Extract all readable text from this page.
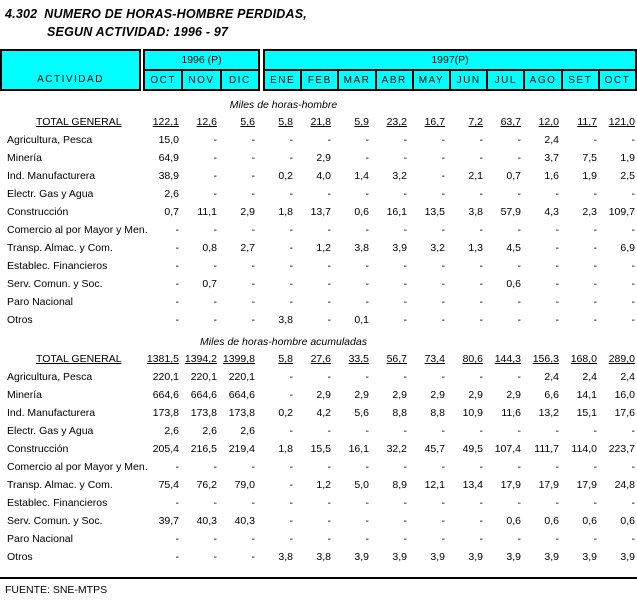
4.302 NUMERO DE HORAS-HOMBRE PERDIDAS,
SEGUN ACTIVIDAD: 1996 - 97
ACTIVIDAD
1996 (P)
OCT	NOV	DIC
1997(P)
ENE	FEB	MAR	ABR	MAY	JUN	JUL	AGO	SET	OCT
Miles de horas-hombre
TOTAL GENERAL	122,1 12,6 5,6 5,8 21,8 5,9 23,2 16,7 7,2 63,7 12,0 11,7 121,0
Agricultura, Pesca	15,0	-	-	-	-	-	-	-	-	- 2,4	-	-
Minería	64,9	-	-	- 2,9	-	-	-	-	- 3,7 7,5 1,9
Ind. Manufacturera	38,9	-	- 0,2 4,0 1,4 3,2	- 2,1 0,7 1,6 1,9 2,5
Electr. Gas y Agua	2,6	-	-	-	-	-	-	-	-	-	-	-	-
Construcción	0,7 11,1 2,9 1,8 13,7 0,6 16,1 13,5 3,8 57,9 4,3 2,3 109,7
Comercio al por Mayor y Men.	-	-	-	-	-	-	-	-	-	-	-	-	-
Transp. Almac. y Com.	- 0,8 2,7	- 1,2 3,8 3,9 3,2 1,3 4,5	-	- 6,9
Establec. Financieros	-	-	-	-	-	-	-	-	-	-	-	-	-
Serv. Comun. y Soc.	- 0,7	-	-	-	-	-	-	- 0,6	-	-	-
Paro Nacional	-	-	-	-	-	-	-	-	-	-	-	-	-
Otros	-	-	- 3,8	- 0,1	-	-	-	-	-	-	-
Miles de horas-hombre acumuladas
TOTAL GENERAL	1381,5 1394,2 1399,8 5,8 27,6 33,5 56,7 73,4 80,6 144,3 156,3 168,0 289,0
Agricultura, Pesca	220,1 220,1 220,1	-	-	-	-	-	-	- 2,4 2,4 2,4
Minería	664,6 664,6 664,6	- 2,9 2,9 2,9 2,9 2,9 2,9 6,6 14,1 16,0
Ind. Manufacturera	173,8 173,8 173,8 0,2 4,2 5,6 8,8 8,8 10,9 11,6 13,2 15,1 17,6
Electr. Gas y Agua	2,6 2,6 2,6	-	-	-	-	-	-	-	-	-	-
Construcción	205,4 216,5 219,4 1,8 15,5 16,1 32,2 45,7 49,5 107,4 111,7 114,0 223,7
Comercio al por Mayor y Men.	-	-	-	-	-	-	-	-	-	-	-	-	-
Transp. Almac. y Com.	75,4 76,2 79,0	- 1,2 5,0 8,9 12,1 13,4 17,9 17,9 17,9 24,8
Establec. Financieros	-	-	-	-	-	-	-	-	-	-	-	-	-
Serv. Comun. y Soc.	39,7 40,3 40,3	-	-	-	-	-	- 0,6 0,6 0,6 0,6
Paro Nacional	-	-	-	-	-	-	-	-	-	-	-	-	-
Otros	-	-	- 3,8 3,8 3,9 3,9 3,9 3,9 3,9 3,9 3,9 3,9
FUENTE: SNE-MTPS
